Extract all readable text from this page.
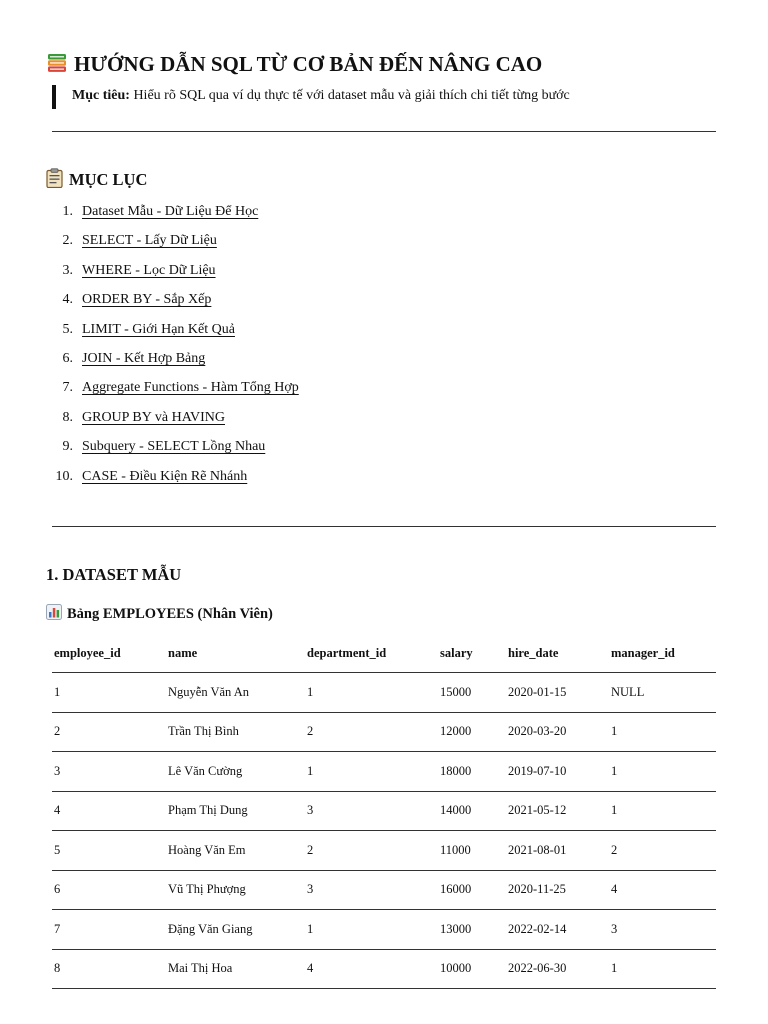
HƯỚNG DẪN SQL TỪ CƠ BẢN ĐẾN NÂNG CAO
Mục tiêu: Hiểu rõ SQL qua ví dụ thực tế với dataset mẫu và giải thích chi tiết từng bước
MỤC LỤC
1. Dataset Mẫu - Dữ Liệu Để Học
2. SELECT - Lấy Dữ Liệu
3. WHERE - Lọc Dữ Liệu
4. ORDER BY - Sắp Xếp
5. LIMIT - Giới Hạn Kết Quả
6. JOIN - Kết Hợp Bảng
7. Aggregate Functions - Hàm Tổng Hợp
8. GROUP BY và HAVING
9. Subquery - SELECT Lồng Nhau
10. CASE - Điều Kiện Rẽ Nhánh
1. DATASET MẪU
Bảng EMPLOYEES (Nhân Viên)
employee_id	name	department_id	salary	hire_date	manager_id
1	Nguyễn Văn An	1	15000	2020-01-15	NULL
2	Trần Thị Bình	2	12000	2020-03-20	1
3	Lê Văn Cường	1	18000	2019-07-10	1
4	Phạm Thị Dung	3	14000	2021-05-12	1
5	Hoàng Văn Em	2	11000	2021-08-01	2
6	Vũ Thị Phượng	3	16000	2020-11-25	4
7	Đặng Văn Giang	1	13000	2022-02-14	3
8	Mai Thị Hoa	4	10000	2022-06-30	1
